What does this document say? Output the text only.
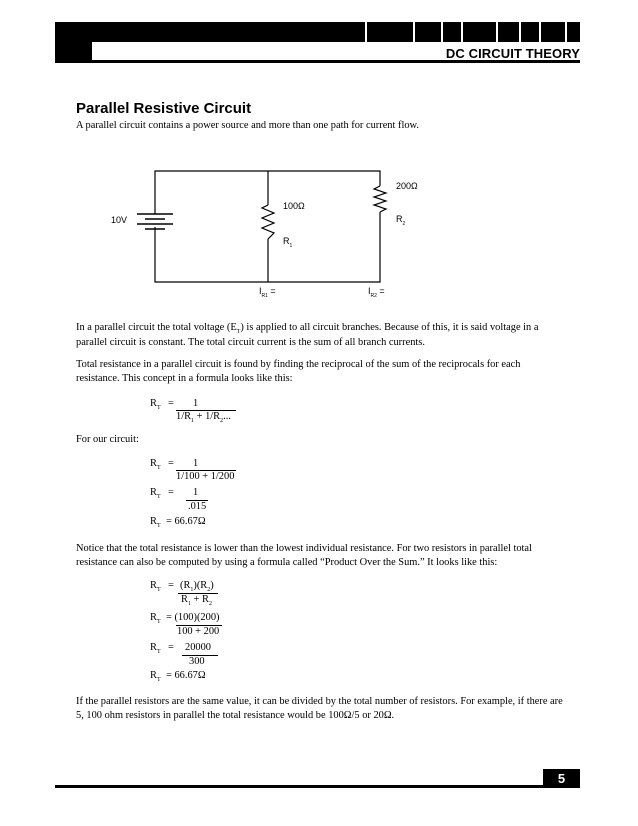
DC CIRCUIT THEORY
Parallel Resistive Circuit
A parallel circuit contains a power source and more than one path for current flow.
10V
100Ω
$R_1$
200Ω
$R_2$
$I_{R1}$ =	$I_{R2}$ =
In a parallel circuit the total voltage $(E_T)$ is applied to all circuit branches. Because of this, it is said voltage in a parallel circuit is constant. The total circuit current is the sum of all branch currents.
Total resistance in a parallel circuit is found by finding the reciprocal of the sum of the reciprocals for each resistance. This concept in a formula looks like this:
$R_T = 1$
$1/R_1 + 1/R_2$...
For our circuit:
$R_T = 1$
1/100 + 1/200
$R_T = 1$
.015
$R_T = 66.67\Omega$
Notice that the total resistance is lower than the lowest individual resistance. For two resistors in parallel total resistance can also be computed by using a formula called “Product Over the Sum.” It looks like this:
$R_T = (R_1)(R_2)$
$R_1 + R_2$
$R_T = (100)(200)$
100 + 200
$R_T = 20000$
300
$R_T = 66.67\Omega$
If the parallel resistors are the same value, it can be divided by the total number of resistors. For example, if there are 5, 100 ohm resistors in parallel the total resistance would be 100Ω/5 or 20Ω.
5
